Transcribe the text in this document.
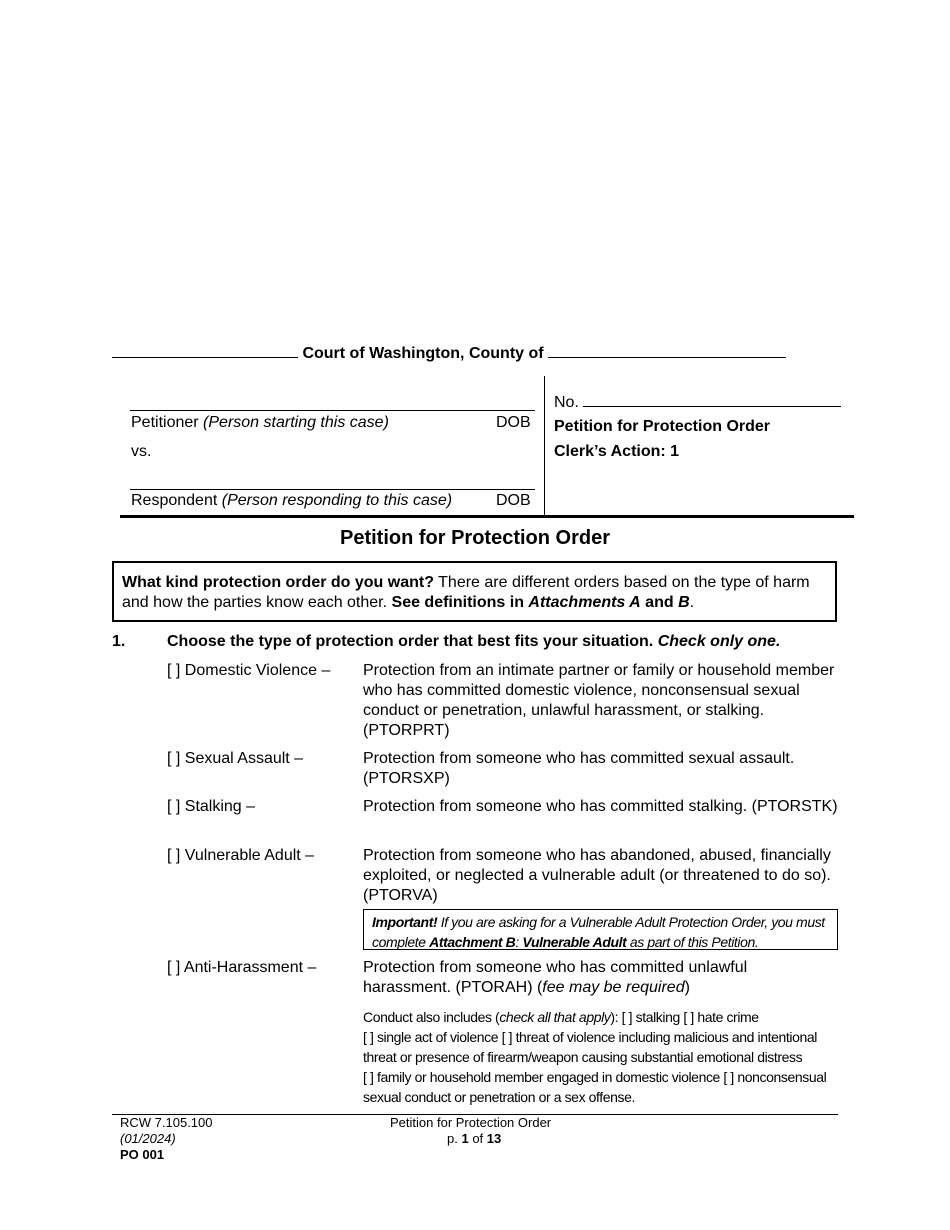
Court of Washington, County of
Petitioner (Person starting this case)	DOB
vs.
Respondent (Person responding to this case)	DOB
No.
Petition for Protection Order
Clerk’s Action: 1
Petition for Protection Order
What kind protection order do you want? There are different orders based on the type of harm and how the parties know each other. See definitions in Attachments A and B.
1.	Choose the type of protection order that best fits your situation. Check only one.
[ ] Domestic Violence – Protection from an intimate partner or family or household member who has committed domestic violence, nonconsensual sexual conduct or penetration, unlawful harassment, or stalking. (PTORPRT)
[ ] Sexual Assault –	Protection from someone who has committed sexual assault. (PTORSXP)
[ ] Stalking –	Protection from someone who has committed stalking. (PTORSTK)
[ ] Vulnerable Adult –	Protection from someone who has abandoned, abused, financially exploited, or neglected a vulnerable adult (or threatened to do so). (PTORVA)
Important! If you are asking for a Vulnerable Adult Protection Order, you must complete Attachment B: Vulnerable Adult as part of this Petition.
[ ] Anti-Harassment –	Protection from someone who has committed unlawful harassment. (PTORAH) (fee may be required)
Conduct also includes (check all that apply): [ ] stalking [ ] hate crime
[ ] single act of violence [ ] threat of violence including malicious and intentional threat or presence of firearm/weapon causing substantial emotional distress
[ ] family or household member engaged in domestic violence [ ] nonconsensual sexual conduct or penetration or a sex offense.
RCW 7.105.100
(01/2024)
PO 001
Petition for Protection Order
p. 1 of 13
